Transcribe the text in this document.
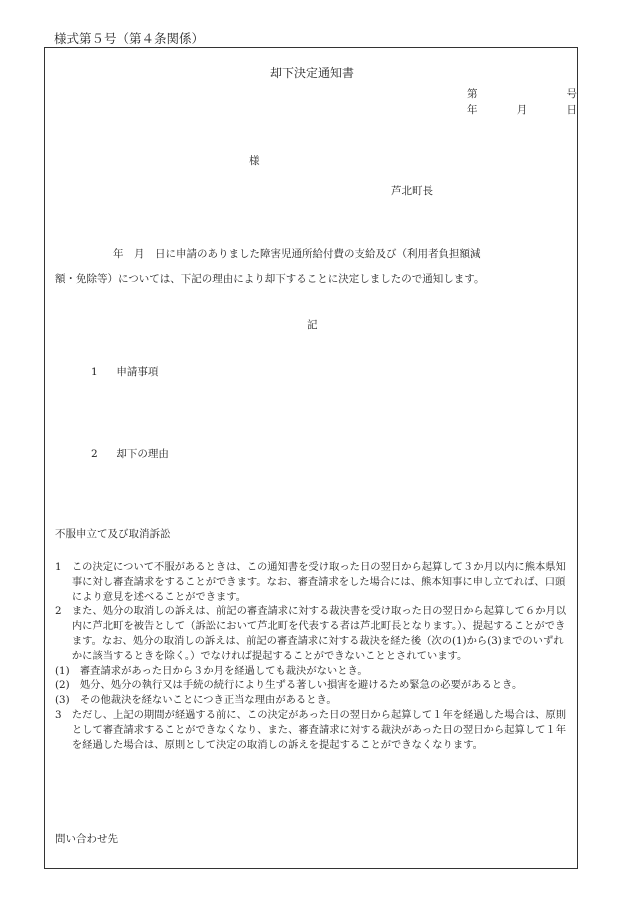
様式第５号（第４条関係）
却下決定通知書
第	号
年	月	日
様
芦北町長
年　月　日に申請のありました障害児通所給付費の支給及び（利用者負担額減
額・免除等）については、下記の理由により却下することに決定しましたので通知します。
記
1 申請事項
2 却下の理由
不服申立て及び取消訴訟
1　 この決定について不服があるときは、この通知書を受け取った日の翌日から起算して３か月以内に熊本県知事に対し審査請求をすることができます。なお、審査請求をした場合には、熊本知事に申し立てれば、口頭により意見を述べることができます。
2　 また、処分の取消しの訴えは、前記の審査請求に対する裁決書を受け取った日の翌日から起算して６か月以内に芦北町を被告として（訴訟において芦北町を代表する者は芦北町長となります。）、提起することができます。なお、処分の取消しの訴えは、前記の審査請求に対する裁決を経た後（次の(1)から(3)までのいずれかに該当するときを除く。）でなければ提起することができないこととされています。
(1)　 審査請求があった日から３か月を経過しても裁決がないとき。
(2)　 処分、処分の執行又は手続の続行により生ずる著しい損害を避けるため緊急の必要があるとき。
(3)　 その他裁決を経ないことにつき正当な理由があるとき。
3　 ただし、上記の期間が経過する前に、この決定があった日の翌日から起算して１年を経過した場合は、原則として審査請求することができなくなり、また、審査請求に対する裁決があった日の翌日から起算して１年を経過した場合は、原則として決定の取消しの訴えを提起することができなくなります。
問い合わせ先
